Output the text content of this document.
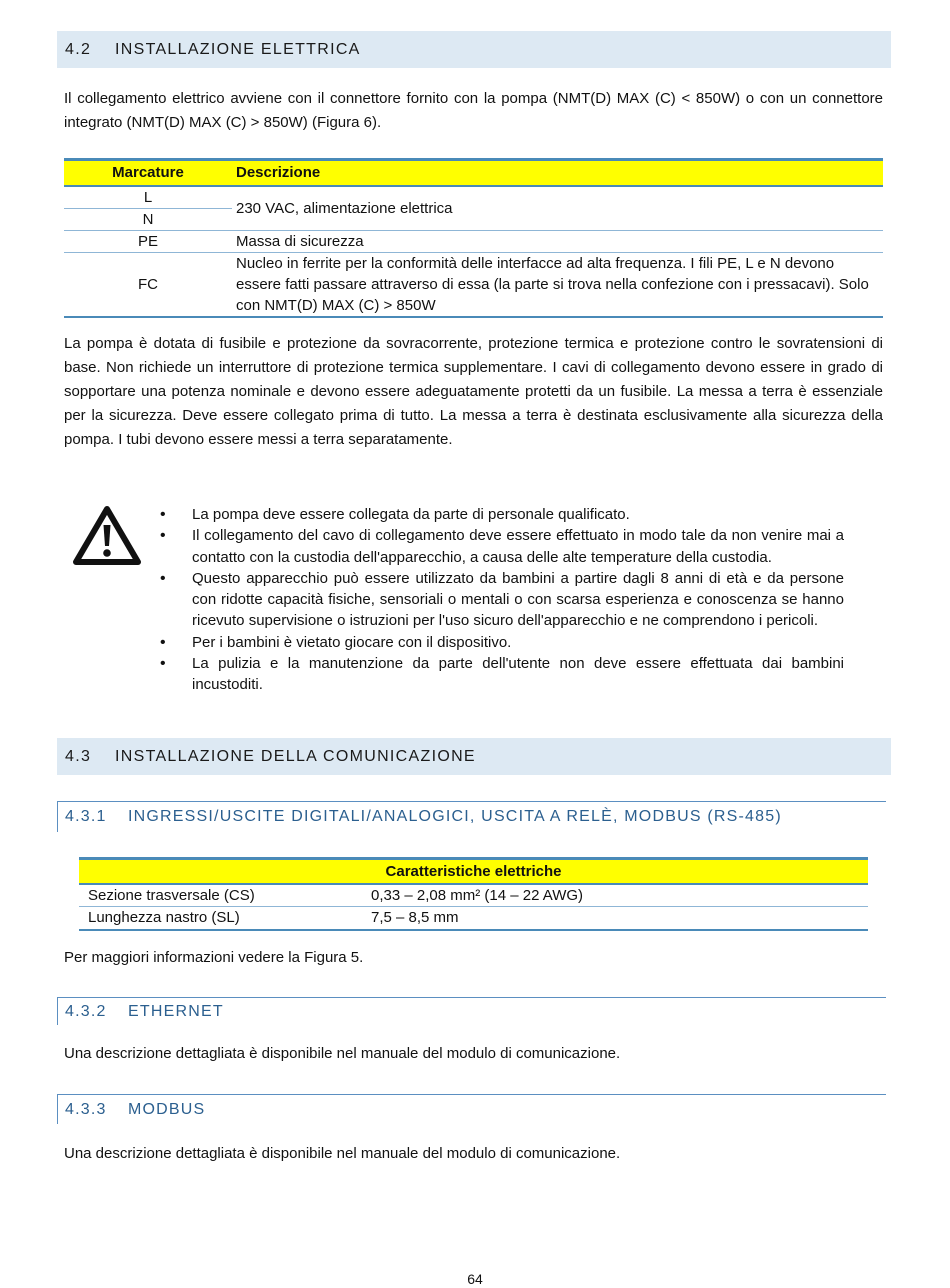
4.2	INSTALLAZIONE ELETTRICA

Il collegamento elettrico avviene con il connettore fornito con la pompa (NMT(D) MAX (C) < 850W) o con un connettore integrato (NMT(D) MAX (C) > 850W) (Figura 6).

Marcature	Descrizione
L	230 VAC, alimentazione elettrica
N	
PE	Massa di sicurezza
FC	Nucleo in ferrite per la conformità delle interfacce ad alta frequenza. I fili PE, L e N devono essere fatti passare attraverso di essa (la parte si trova nella confezione con i pressacavi). Solo con NMT(D) MAX (C) > 850W

La pompa è dotata di fusibile e protezione da sovracorrente, protezione termica e protezione contro le sovratensioni di base. Non richiede un interruttore di protezione termica supplementare. I cavi di collegamento devono essere in grado di sopportare una potenza nominale e devono essere adeguatamente protetti da un fusibile. La messa a terra è essenziale per la sicurezza. Deve essere collegato prima di tutto. La messa a terra è destinata esclusivamente alla sicurezza della pompa. I tubi devono essere messi a terra separatamente.

• La pompa deve essere collegata da parte di personale qualificato.
• Il collegamento del cavo di collegamento deve essere effettuato in modo tale da non venire mai a contatto con la custodia dell'apparecchio, a causa delle alte temperature della custodia.
• Questo apparecchio può essere utilizzato da bambini a partire dagli 8 anni di età e da persone con ridotte capacità fisiche, sensoriali o mentali o con scarsa esperienza e conoscenza se hanno ricevuto supervisione o istruzioni per l'uso sicuro dell'apparecchio e ne comprendono i pericoli.
• Per i bambini è vietato giocare con il dispositivo.
• La pulizia e la manutenzione da parte dell'utente non deve essere effettuata dai bambini incustoditi.
4.3	INSTALLAZIONE DELLA COMUNICAZIONE
4.3.1	INGRESSI/USCITE DIGITALI/ANALOGICI, USCITA A RELÈ, MODBUS (RS-485)
Caratteristiche elettriche	
Sezione trasversale (CS)	0,33 – 2,08 mm² (14 – 22 AWG)
Lunghezza nastro (SL)	7,5 – 8,5 mm

Per maggiori informazioni vedere la Figura 5.

4.3.2	ETHERNET

Una descrizione dettagliata è disponibile nel manuale del modulo di comunicazione.

4.3.3	MODBUS

Una descrizione dettagliata è disponibile nel manuale del modulo di comunicazione.

64
